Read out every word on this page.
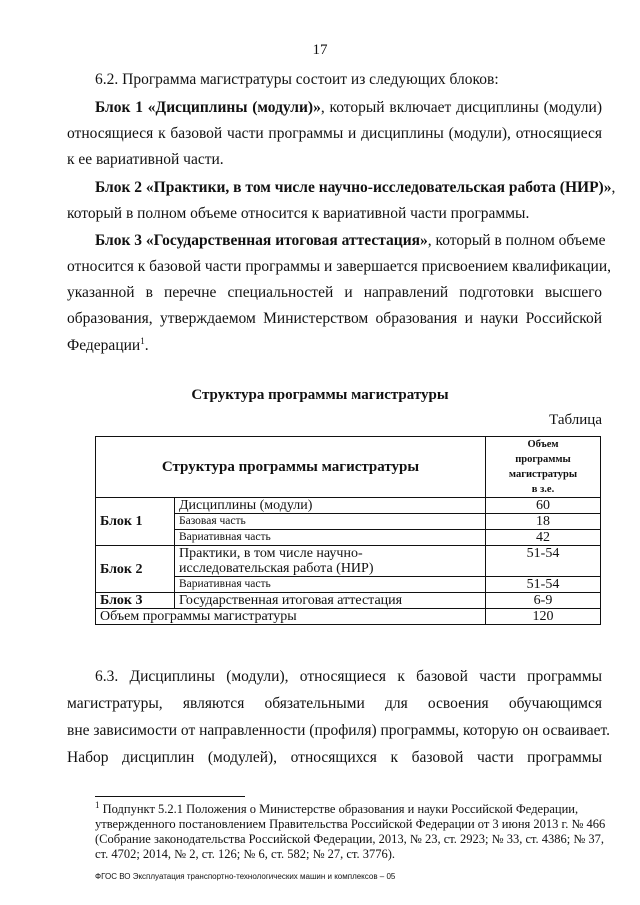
17
6.2. Программа магистратуры состоит из следующих блоков:
Блок 1 «Дисциплины (модули)», который включает дисциплины (модули)
относящиеся к базовой части программы и дисциплины (модули), относящиеся
к ее вариативной части.
Блок 2 «Практики, в том числе научно-исследовательская работа (НИР)»,
который в полном объеме относится к вариативной части программы.
Блок 3 «Государственная итоговая аттестация», который в полном объеме
относится к базовой части программы и завершается присвоением квалификации,
указанной в перечне специальностей и направлений подготовки высшего
образования, утверждаемом Министерством образования и науки Российской
Федерации$^1$.
Структура программы магистратуры
Таблица
Структура программы магистратуры		Объем
программы
магистратуры
в з.е.

Блок 1	Дисциплины (модули)	60
	Базовая часть	18
	Вариативная часть	42
Блок 2	Практики, в том числе научно-
исследовательская работа (НИР)	51-54
	Вариативная часть	51-54
Блок 3	Государственная итоговая аттестация	6-9
Объем программы магистратуры		120
6.3. Дисциплины (модули), относящиеся к базовой части программы
магистратуры, являются обязательными для освоения обучающимся
вне зависимости от направленности (профиля) программы, которую он осваивает.
Набор дисциплин (модулей), относящихся к базовой части программы
$^1$ Подпункт 5.2.1 Положения о Министерстве образования и науки Российской Федерации,
утвержденного постановлением Правительства Российской Федерации от 3 июня 2013 г. № 466
(Собрание законодательства Российской Федерации, 2013, № 23, ст. 2923; № 33, ст. 4386; № 37,
ст. 4702; 2014, № 2, ст. 126; № 6, ст. 582; № 27, ст. 3776).
ФГОС ВО Эксплуатация транспортно-технологических машин и комплексов – 05
